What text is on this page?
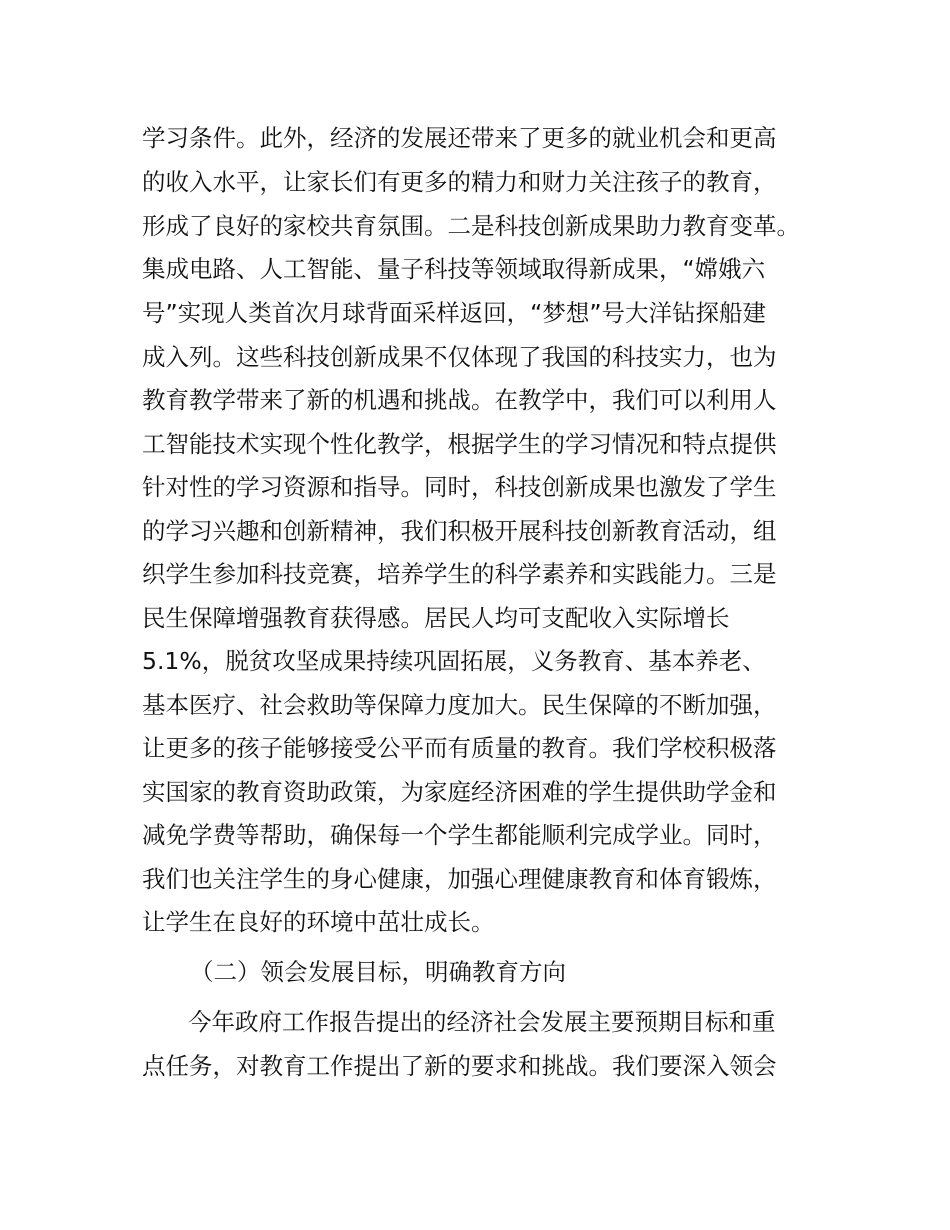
学习条件。此外，经济的发展还带来了更多的就业机会和更高

的收入水平，让家长们有更多的精力和财力关注孩子的教育，

形成了良好的家校共育氛围。二是科技创新成果助力教育变革。

集成电路、人工智能、量子科技等领域取得新成果，“嫦娥六

号”实现人类首次月球背面采样返回，“梦想”号大洋钻探船建

成入列。这些科技创新成果不仅体现了我国的科技实力，也为

教育教学带来了新的机遇和挑战。在教学中，我们可以利用人

工智能技术实现个性化教学，根据学生的学习情况和特点提供

针对性的学习资源和指导。同时，科技创新成果也激发了学生

的学习兴趣和创新精神，我们积极开展科技创新教育活动，组

织学生参加科技竞赛，培养学生的科学素养和实践能力。三是

民生保障增强教育获得感。居民人均可支配收入实际增长

5.1%，脱贫攻坚成果持续巩固拓展，义务教育、基本养老、

基本医疗、社会救助等保障力度加大。民生保障的不断加强，

让更多的孩子能够接受公平而有质量的教育。我们学校积极落

实国家的教育资助政策，为家庭经济困难的学生提供助学金和

减免学费等帮助，确保每一个学生都能顺利完成学业。同时，

我们也关注学生的身心健康，加强心理健康教育和体育锻炼，

让学生在良好的环境中茁壮成长。

（二）领会发展目标，明确教育方向

今年政府工作报告提出的经济社会发展主要预期目标和重

点任务，对教育工作提出了新的要求和挑战。我们要深入领会
